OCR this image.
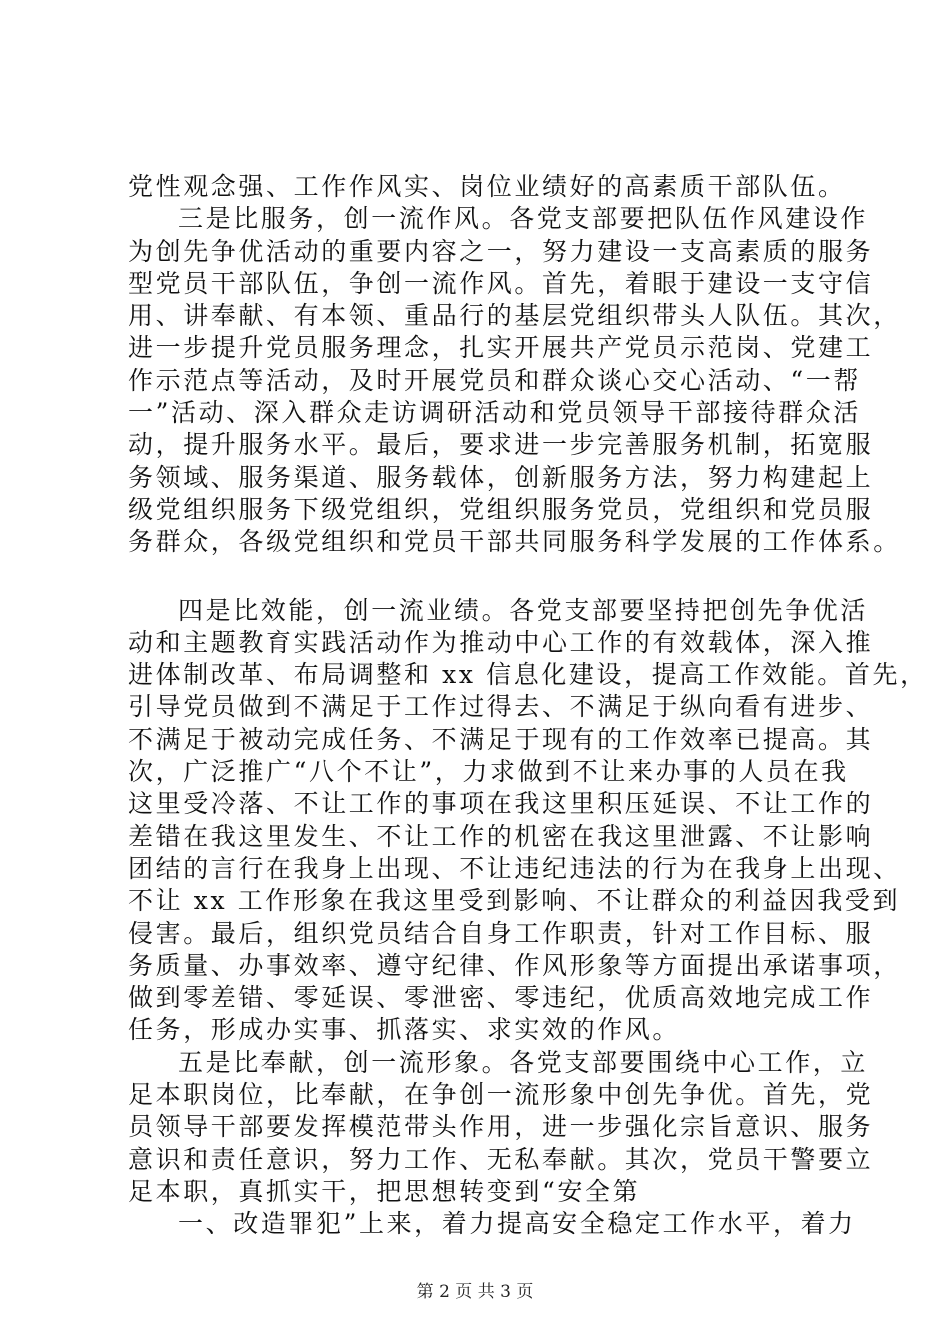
党性观念强、工作作风实、岗位业绩好的高素质干部队伍。
三是比服务，创一流作风。各党支部要把队伍作风建设作
为创先争优活动的重要内容之一，努力建设一支高素质的服务
型党员干部队伍，争创一流作风。首先，着眼于建设一支守信
用、讲奉献、有本领、重品行的基层党组织带头人队伍。其次，
进一步提升党员服务理念，扎实开展共产党员示范岗、党建工
作示范点等活动，及时开展党员和群众谈心交心活动、“一帮
一”活动、深入群众走访调研活动和党员领导干部接待群众活
动，提升服务水平。最后，要求进一步完善服务机制，拓宽服
务领域、服务渠道、服务载体，创新服务方法，努力构建起上
级党组织服务下级党组织，党组织服务党员，党组织和党员服
务群众，各级党组织和党员干部共同服务科学发展的工作体系。
四是比效能，创一流业绩。各党支部要坚持把创先争优活
动和主题教育实践活动作为推动中心工作的有效载体，深入推
进体制改革、布局调整和 xx 信息化建设，提高工作效能。首先，
引导党员做到不满足于工作过得去、不满足于纵向看有进步、
不满足于被动完成任务、不满足于现有的工作效率已提高。其
次，广泛推广“八个不让”，力求做到不让来办事的人员在我
这里受冷落、不让工作的事项在我这里积压延误、不让工作的
差错在我这里发生、不让工作的机密在我这里泄露、不让影响
团结的言行在我身上出现、不让违纪违法的行为在我身上出现、
不让 xx 工作形象在我这里受到影响、不让群众的利益因我受到
侵害。最后，组织党员结合自身工作职责，针对工作目标、服
务质量、办事效率、遵守纪律、作风形象等方面提出承诺事项，
做到零差错、零延误、零泄密、零违纪，优质高效地完成工作
任务，形成办实事、抓落实、求实效的作风。
五是比奉献，创一流形象。各党支部要围绕中心工作，立
足本职岗位，比奉献，在争创一流形象中创先争优。首先，党
员领导干部要发挥模范带头作用，进一步强化宗旨意识、服务
意识和责任意识，努力工作、无私奉献。其次，党员干警要立
足本职，真抓实干，把思想转变到“安全第
一、改造罪犯”上来，着力提高安全稳定工作水平，着力
第 2 页 共 3 页
